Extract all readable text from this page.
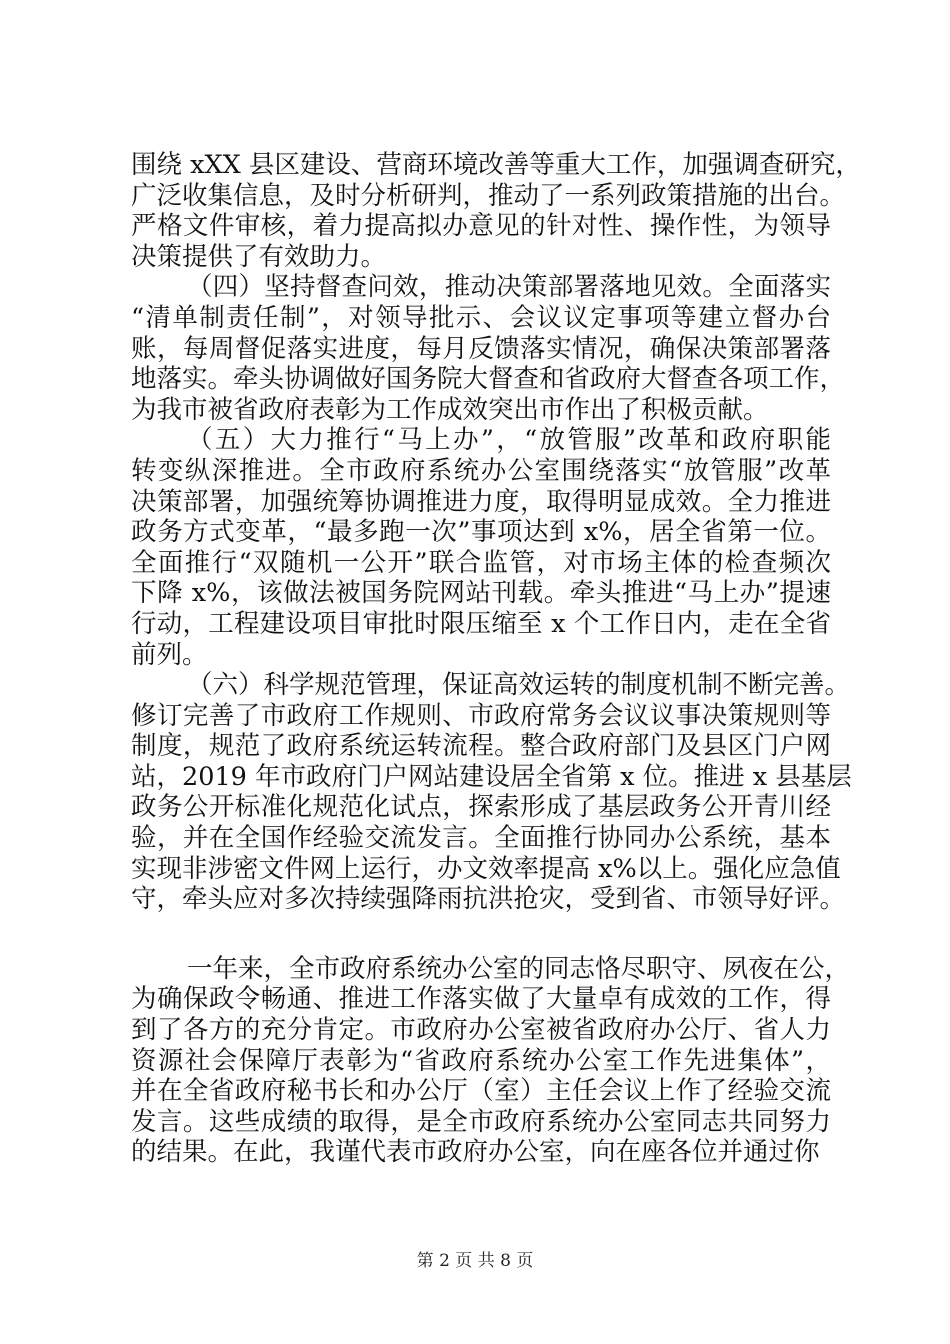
围绕 xXX 县区建设、营商环境改善等重大工作，加强调查研究，
广泛收集信息，及时分析研判，推动了一系列政策措施的出台。
严格文件审核，着力提高拟办意见的针对性、操作性，为领导
决策提供了有效助力。
（四）坚持督查问效，推动决策部署落地见效。全面落实
“清单制责任制”，对领导批示、会议议定事项等建立督办台
账，每周督促落实进度，每月反馈落实情况，确保决策部署落
地落实。牵头协调做好国务院大督查和省政府大督查各项工作，
为我市被省政府表彰为工作成效突出市作出了积极贡献。
（五）大力推行“马上办”，“放管服”改革和政府职能
转变纵深推进。全市政府系统办公室围绕落实“放管服”改革
决策部署，加强统筹协调推进力度，取得明显成效。全力推进
政务方式变革，“最多跑一次”事项达到 x%，居全省第一位。
全面推行“双随机一公开”联合监管，对市场主体的检查频次
下降 x%，该做法被国务院网站刊载。牵头推进“马上办”提速
行动，工程建设项目审批时限压缩至 x 个工作日内，走在全省
前列。
（六）科学规范管理，保证高效运转的制度机制不断完善。
修订完善了市政府工作规则、市政府常务会议议事决策规则等
制度，规范了政府系统运转流程。整合政府部门及县区门户网
站，2019 年市政府门户网站建设居全省第 x 位。推进 x 县基层
政务公开标准化规范化试点，探索形成了基层政务公开青川经
验，并在全国作经验交流发言。全面推行协同办公系统，基本
实现非涉密文件网上运行，办文效率提高 x%以上。强化应急值
守，牵头应对多次持续强降雨抗洪抢灾，受到省、市领导好评。
一年来，全市政府系统办公室的同志恪尽职守、夙夜在公，
为确保政令畅通、推进工作落实做了大量卓有成效的工作，得
到了各方的充分肯定。市政府办公室被省政府办公厅、省人力
资源社会保障厅表彰为“省政府系统办公室工作先进集体”，
并在全省政府秘书长和办公厅（室）主任会议上作了经验交流
发言。这些成绩的取得，是全市政府系统办公室同志共同努力
的结果。在此，我谨代表市政府办公室，向在座各位并通过你
第 2 页 共 8 页
